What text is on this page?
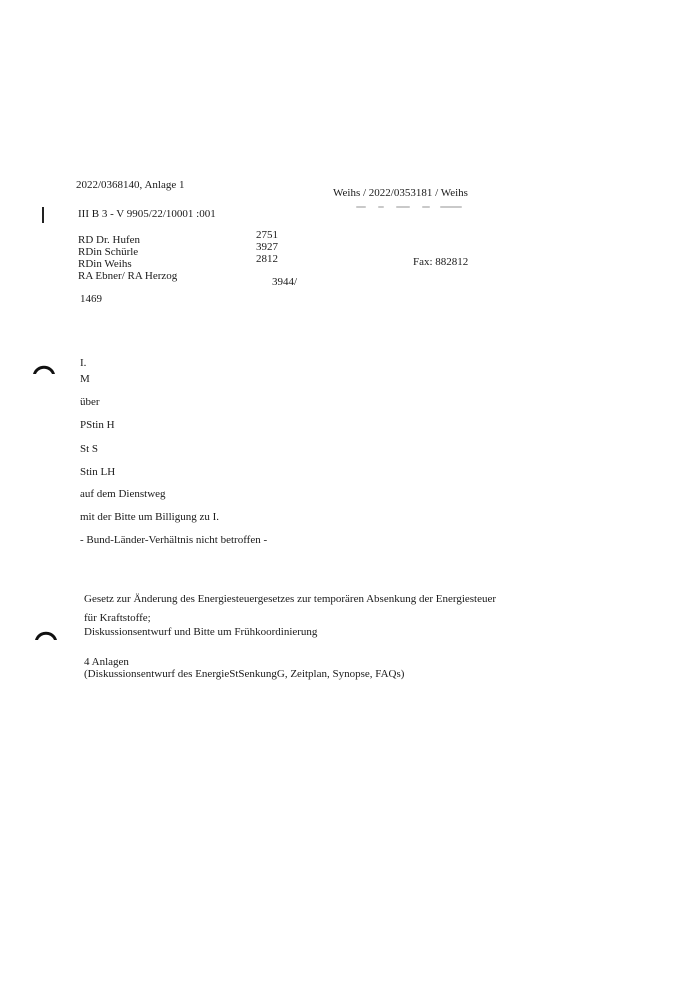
2022/0368140, Anlage 1
Weihs / 2022/0353181 / Weihs
III B 3 - V 9905/22/10001 :001
RD Dr. Hufen
RDin Schürle
RDin Weihs
RA Ebner/ RA Herzog
2751
3927
2812
3944/
Fax: 882812
1469
I.
M
über
PStin H
St S
Stin LH
auf dem Dienstweg
mit der Bitte um Billigung zu I.
- Bund-Länder-Verhältnis nicht betroffen -
Gesetz zur Änderung des Energiesteuergesetzes zur temporären Absenkung der Energiesteuer
für Kraftstoffe;
Diskussionsentwurf und Bitte um Frühkoordinierung
4 Anlagen
(Diskussionsentwurf des EnergieStSenkungG, Zeitplan, Synopse, FAQs)
